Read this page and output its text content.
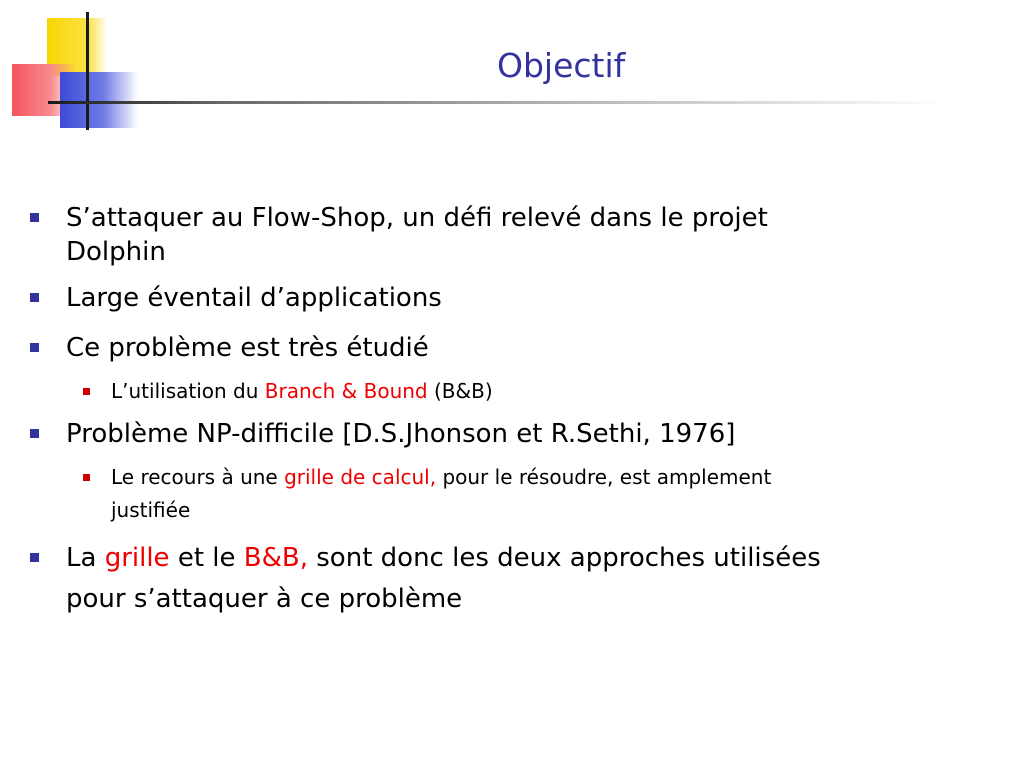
Objectif
S’attaquer au Flow-Shop, un défi relevé dans le projet
Dolphin
Large éventail d’applications
Ce problème est très étudié
L’utilisation du Branch & Bound (B&B)
Problème NP-difficile [D.S.Jhonson et R.Sethi, 1976]
Le recours à une grille de calcul, pour le résoudre, est amplement
justifiée
La grille et le B&B, sont donc les deux approches utilisées
pour s’attaquer à ce problème
